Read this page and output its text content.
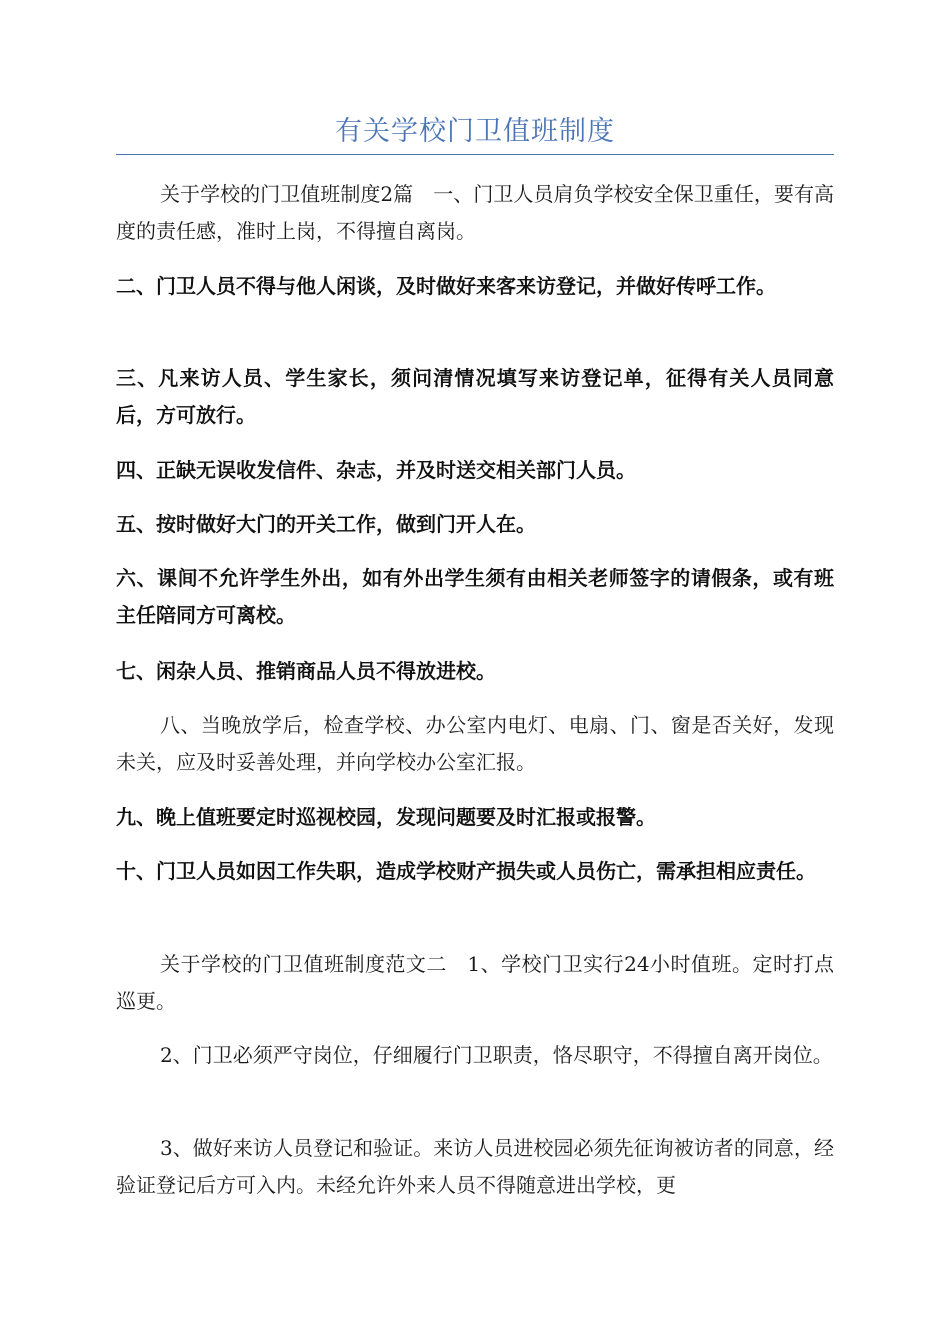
有关学校门卫值班制度

关于学校的门卫值班制度2篇　一、门卫人员肩负学校安全保卫重任，要有高度的责任感，准时上岗，不得擅自离岗。

二、门卫人员不得与他人闲谈，及时做好来客来访登记，并做好传呼工作。

三、凡来访人员、学生家长，须问清情况填写来访登记单，征得有关人员同意后，方可放行。

四、正缺无误收发信件、杂志，并及时送交相关部门人员。

五、按时做好大门的开关工作，做到门开人在。

六、课间不允许学生外出，如有外出学生须有由相关老师签字的请假条，或有班主任陪同方可离校。

七、闲杂人员、推销商品人员不得放进校。

八、当晚放学后，检查学校、办公室内电灯、电扇、门、窗是否关好，发现未关，应及时妥善处理，并向学校办公室汇报。

九、晚上值班要定时巡视校园，发现问题要及时汇报或报警。

十、门卫人员如因工作失职，造成学校财产损失或人员伤亡，需承担相应责任。

关于学校的门卫值班制度范文二　1、学校门卫实行24小时值班。定时打点巡更。

2、门卫必须严守岗位，仔细履行门卫职责，恪尽职守，不得擅自离开岗位。

3、做好来访人员登记和验证。来访人员进校园必须先征询被访者的同意，经验证登记后方可入内。未经允许外来人员不得随意进出学校，更
